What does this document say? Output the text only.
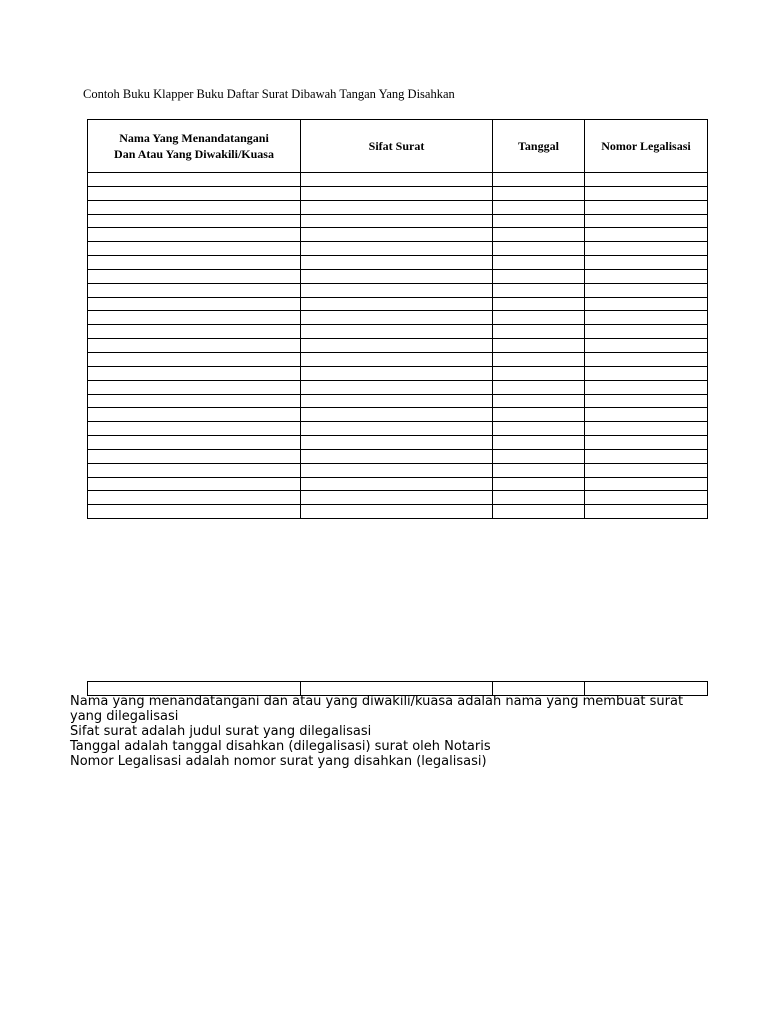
Contoh Buku Klapper Buku Daftar Surat Dibawah Tangan Yang Disahkan
Nama Yang Menandatangani
Dan Atau Yang Diwakili/Kuasa	Sifat Surat	Tanggal	Nomor Legalisasi

Nama yang menandatangani dan atau yang diwakili/kuasa adalah nama yang membuat surat yang dilegalisasi

Sifat surat adalah judul surat yang dilegalisasi

Tanggal adalah tanggal disahkan (dilegalisasi) surat oleh Notaris

Nomor Legalisasi adalah nomor surat yang disahkan (legalisasi)
